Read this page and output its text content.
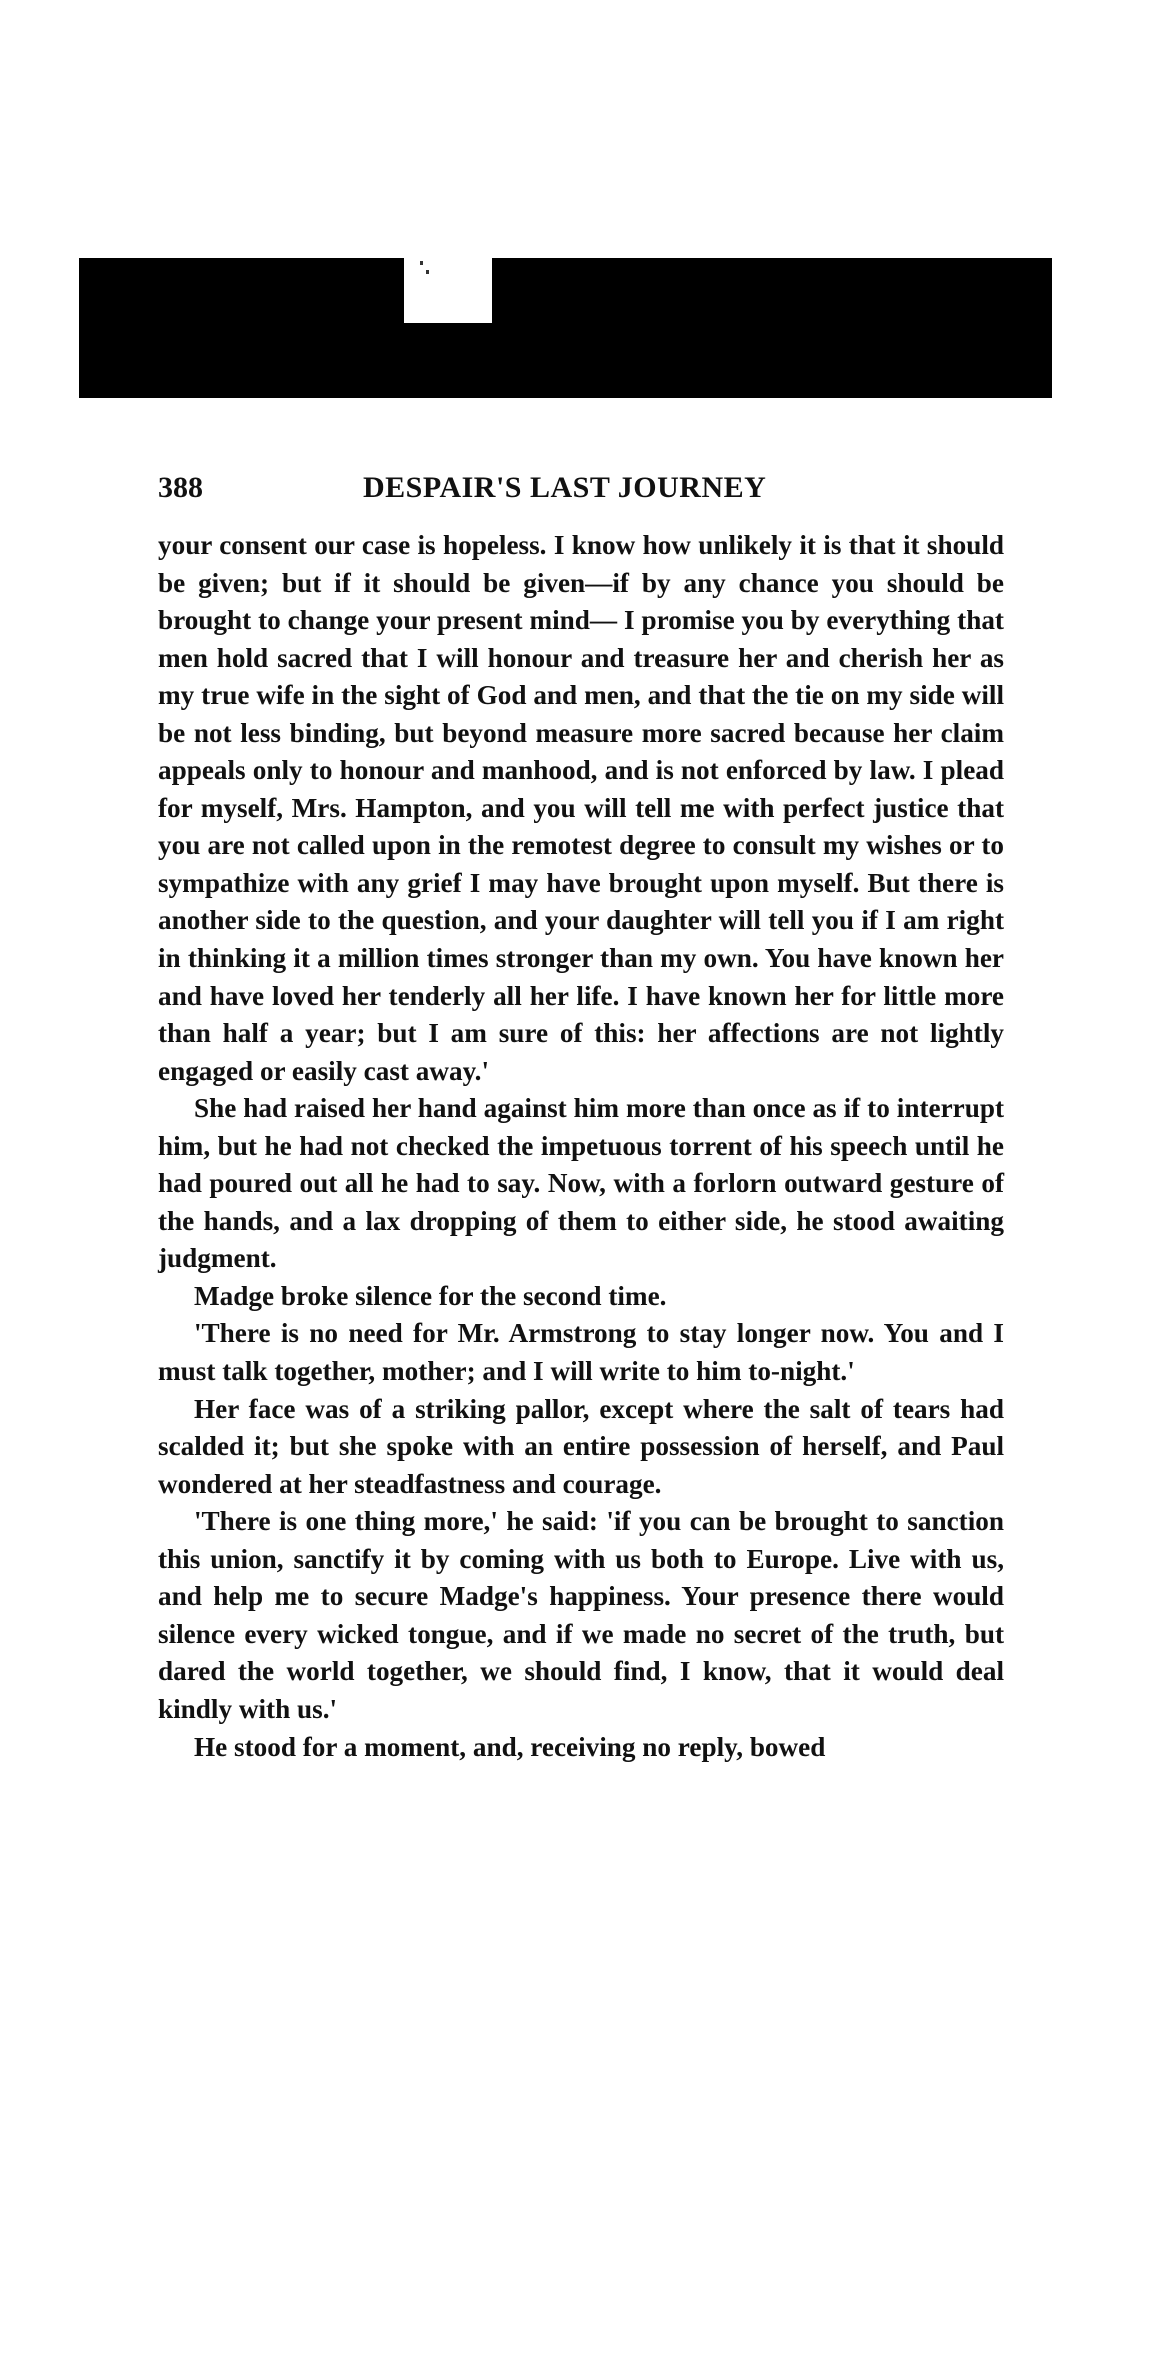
388	DESPAIR'S LAST JOURNEY

your consent our case is hopeless. I know how unlikely it is that it should be given; but if it should be given—if by any chance you should be brought to change your present mind— I promise you by everything that men hold sacred that I will honour and treasure her and cherish her as my true wife in the sight of God and men, and that the tie on my side will be not less binding, but beyond measure more sacred because her claim appeals only to honour and manhood, and is not enforced by law. I plead for myself, Mrs. Hampton, and you will tell me with perfect justice that you are not called upon in the remotest degree to consult my wishes or to sympathize with any grief I may have brought upon myself. But there is another side to the question, and your daughter will tell you if I am right in thinking it a million times stronger than my own. You have known her and have loved her tenderly all her life. I have known her for little more than half a year; but I am sure of this: her affections are not lightly engaged or easily cast away.'

She had raised her hand against him more than once as if to interrupt him, but he had not checked the impetuous torrent of his speech until he had poured out all he had to say. Now, with a forlorn outward gesture of the hands, and a lax dropping of them to either side, he stood awaiting judgment.

Madge broke silence for the second time.

'There is no need for Mr. Armstrong to stay longer now. You and I must talk together, mother; and I will write to him to-night.'

Her face was of a striking pallor, except where the salt of tears had scalded it; but she spoke with an entire possession of herself, and Paul wondered at her steadfastness and courage.

'There is one thing more,' he said: 'if you can be brought to sanction this union, sanctify it by coming with us both to Europe. Live with us, and help me to secure Madge's happiness. Your presence there would silence every wicked tongue, and if we made no secret of the truth, but dared the world together, we should find, I know, that it would deal kindly with us.'

He stood for a moment, and, receiving no reply, bowed
